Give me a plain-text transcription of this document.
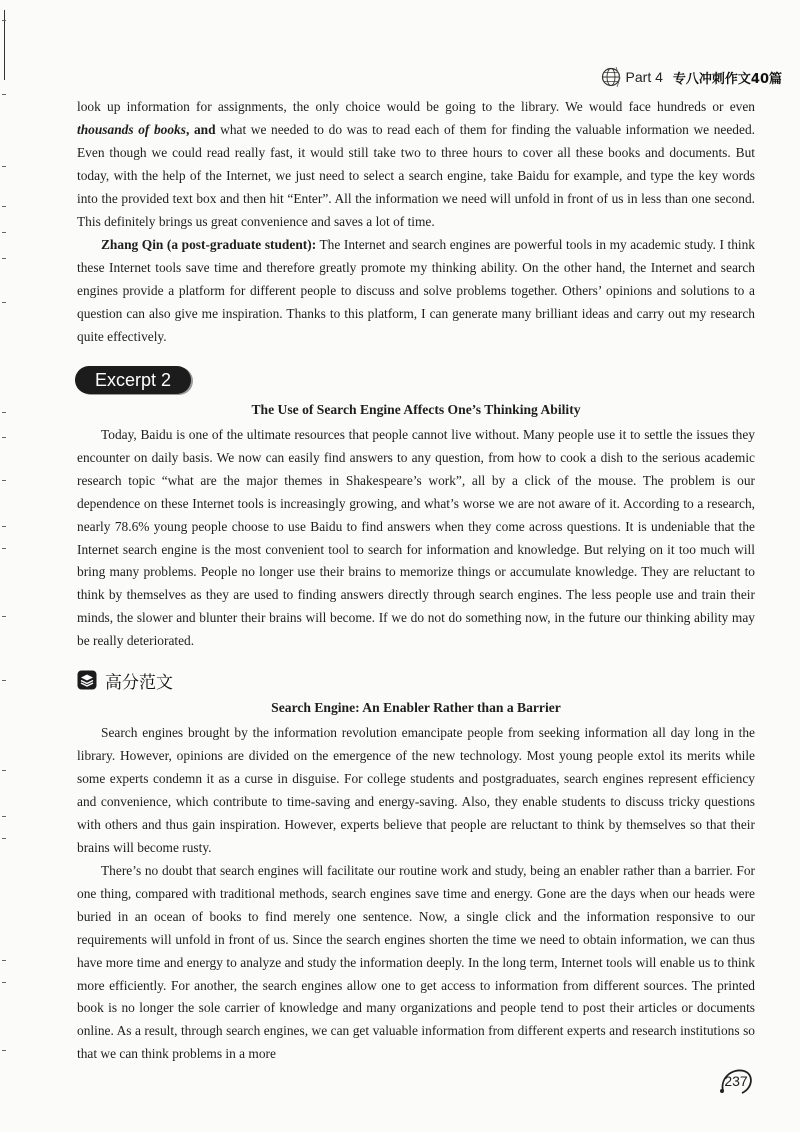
Part 4 专八冲刺作文40篇

look up information for assignments, the only choice would be going to the library. We would face hundreds or even thousands of books, and what we needed to do was to read each of them for finding the valuable information we needed. Even though we could read really fast, it would still take two to three hours to cover all these books and documents. But today, with the help of the Internet, we just need to select a search engine, take Baidu for example, and type the key words into the provided text box and then hit “Enter”. All the information we need will unfold in front of us in less than one second. This definitely brings us great convenience and saves a lot of time.

Zhang Qin (a post-graduate student): The Internet and search engines are powerful tools in my academic study. I think these Internet tools save time and therefore greatly promote my thinking ability. On the other hand, the Internet and search engines provide a platform for different people to discuss and solve problems together. Others’ opinions and solutions to a question can also give me inspiration. Thanks to this platform, I can generate many brilliant ideas and carry out my research quite effectively.

Excerpt 2
The Use of Search Engine Affects One’s Thinking Ability

Today, Baidu is one of the ultimate resources that people cannot live without. Many people use it to settle the issues they encounter on daily basis. We now can easily find answers to any question, from how to cook a dish to the serious academic research topic “what are the major themes in Shakespeare’s work”, all by a click of the mouse. The problem is our dependence on these Internet tools is increasingly growing, and what’s worse we are not aware of it. According to a research, nearly 78.6% young people choose to use Baidu to find answers when they come across questions. It is undeniable that the Internet search engine is the most convenient tool to search for information and knowledge. But relying on it too much will bring many problems. People no longer use their brains to memorize things or accumulate knowledge. They are reluctant to think by themselves as they are used to finding answers directly through search engines. The less people use and train their minds, the slower and blunter their brains will become. If we do not do something now, in the future our thinking ability may be really deteriorated.

高分范文
Search Engine: An Enabler Rather than a Barrier

Search engines brought by the information revolution emancipate people from seeking information all day long in the library. However, opinions are divided on the emergence of the new technology. Most young people extol its merits while some experts condemn it as a curse in disguise. For college students and postgraduates, search engines represent efficiency and convenience, which contribute to time-saving and energy-saving. Also, they enable students to discuss tricky questions with others and thus gain inspiration. However, experts believe that people are reluctant to think by themselves so that their brains will become rusty.

There’s no doubt that search engines will facilitate our routine work and study, being an enabler rather than a barrier. For one thing, compared with traditional methods, search engines save time and energy. Gone are the days when our heads were buried in an ocean of books to find merely one sentence. Now, a single click and the information responsive to our requirements will unfold in front of us. Since the search engines shorten the time we need to obtain information, we can thus have more time and energy to analyze and study the information deeply. In the long term, Internet tools will enable us to think more efficiently. For another, the search engines allow one to get access to information from different sources. The printed book is no longer the sole carrier of knowledge and many organizations and people tend to post their articles or documents online. As a result, through search engines, we can get valuable information from different experts and research institutions so that we can think problems in a more

237
